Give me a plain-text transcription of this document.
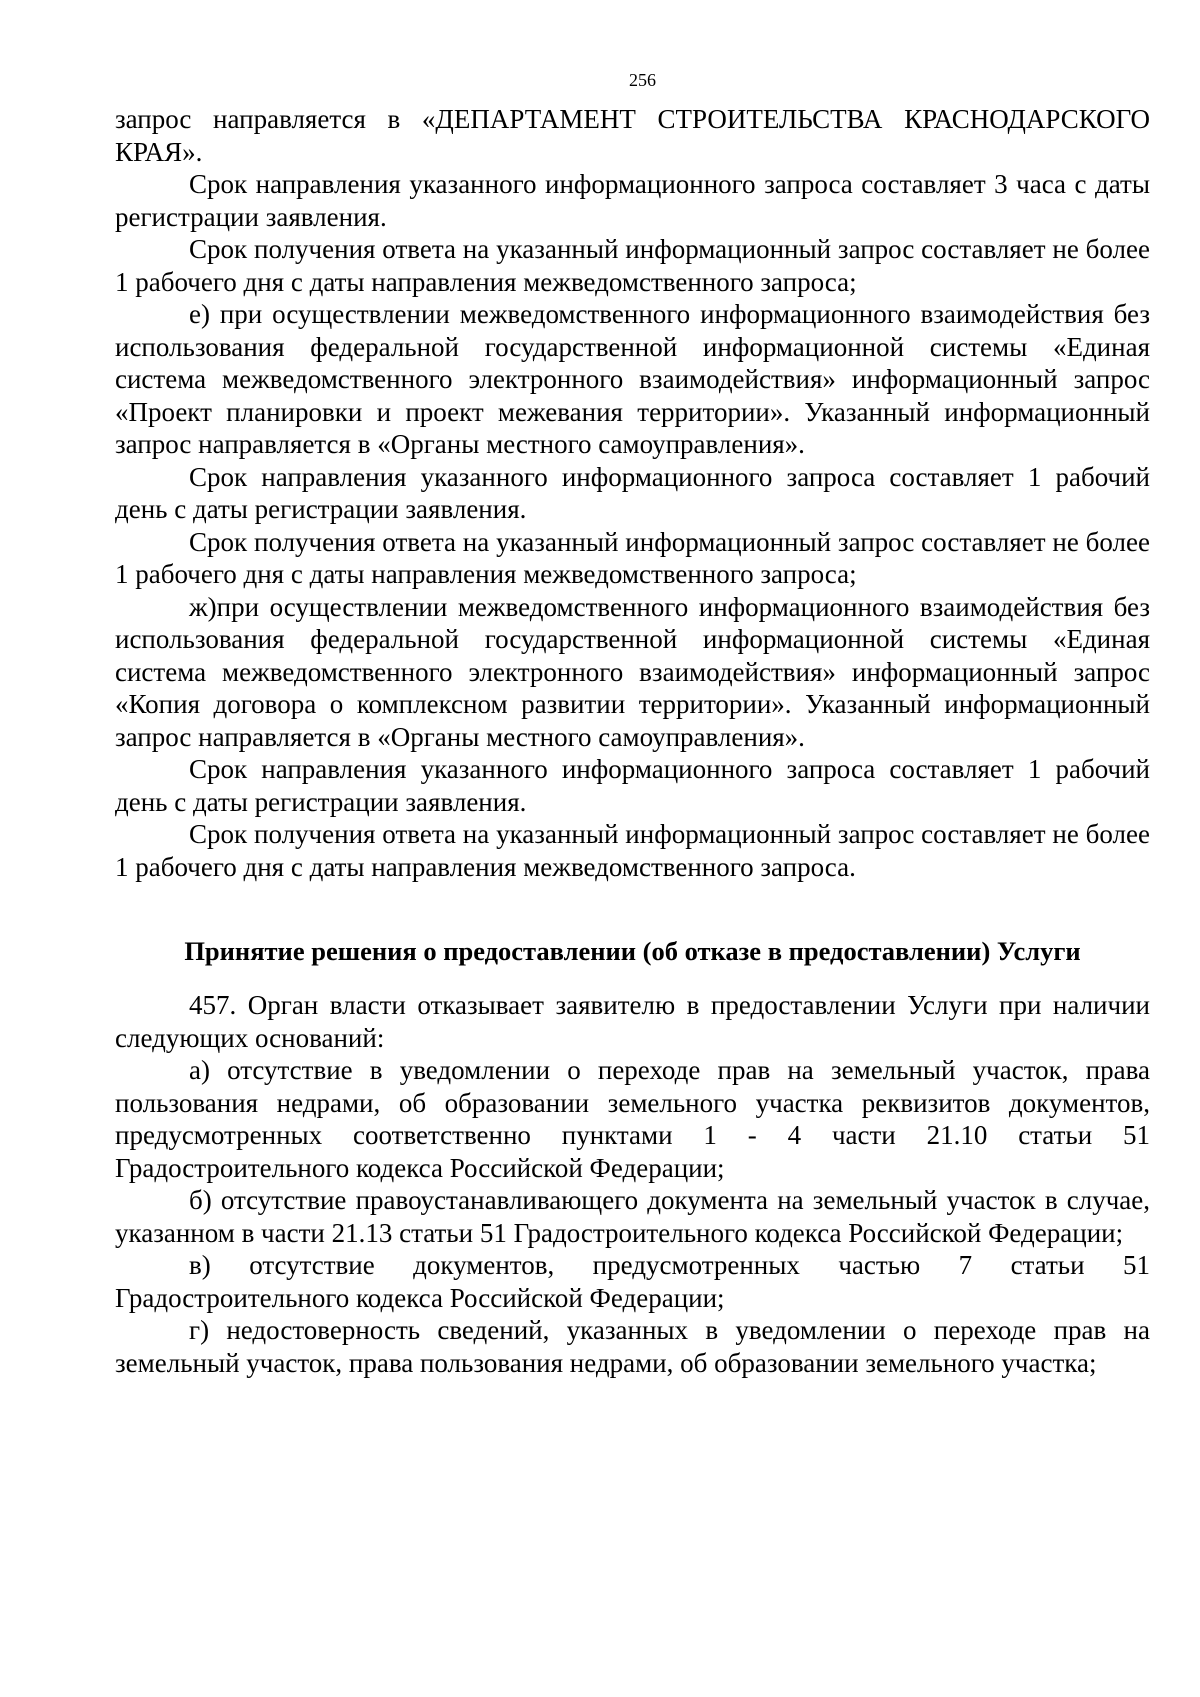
256

запрос направляется в «ДЕПАРТАМЕНТ СТРОИТЕЛЬСТВА КРАСНОДАРСКОГО КРАЯ».

Срок направления указанного информационного запроса составляет 3 часа с даты регистрации заявления.

Срок получения ответа на указанный информационный запрос составляет не более 1 рабочего дня с даты направления межведомственного запроса;

е) при осуществлении межведомственного информационного взаимодействия без использования федеральной государственной информационной системы «Единая система межведомственного электронного взаимодействия» информационный запрос «Проект планировки и проект межевания территории». Указанный информационный запрос направляется в «Органы местного самоуправления».

Срок направления указанного информационного запроса составляет 1 рабочий день с даты регистрации заявления.

Срок получения ответа на указанный информационный запрос составляет не более 1 рабочего дня с даты направления межведомственного запроса;

ж)при осуществлении межведомственного информационного взаимодействия без использования федеральной государственной информационной системы «Единая система межведомственного электронного взаимодействия» информационный запрос «Копия договора о комплексном развитии территории». Указанный информационный запрос направляется в «Органы местного самоуправления».

Срок направления указанного информационного запроса составляет 1 рабочий день с даты регистрации заявления.

Срок получения ответа на указанный информационный запрос составляет не более 1 рабочего дня с даты направления межведомственного запроса.

Принятие решения о предоставлении (об отказе в предоставлении) Услуги

457. Орган власти отказывает заявителю в предоставлении Услуги при наличии следующих оснований:

а) отсутствие в уведомлении о переходе прав на земельный участок, права пользования недрами, об образовании земельного участка реквизитов документов, предусмотренных соответственно пунктами 1 - 4 части 21.10 статьи 51 Градостроительного кодекса Российской Федерации;

б) отсутствие правоустанавливающего документа на земельный участок в случае, указанном в части 21.13 статьи 51 Градостроительного кодекса Российской Федерации;

в) отсутствие документов, предусмотренных частью 7 статьи 51 Градостроительного кодекса Российской Федерации;

г) недостоверность сведений, указанных в уведомлении о переходе прав на земельный участок, права пользования недрами, об образовании земельного участка;
